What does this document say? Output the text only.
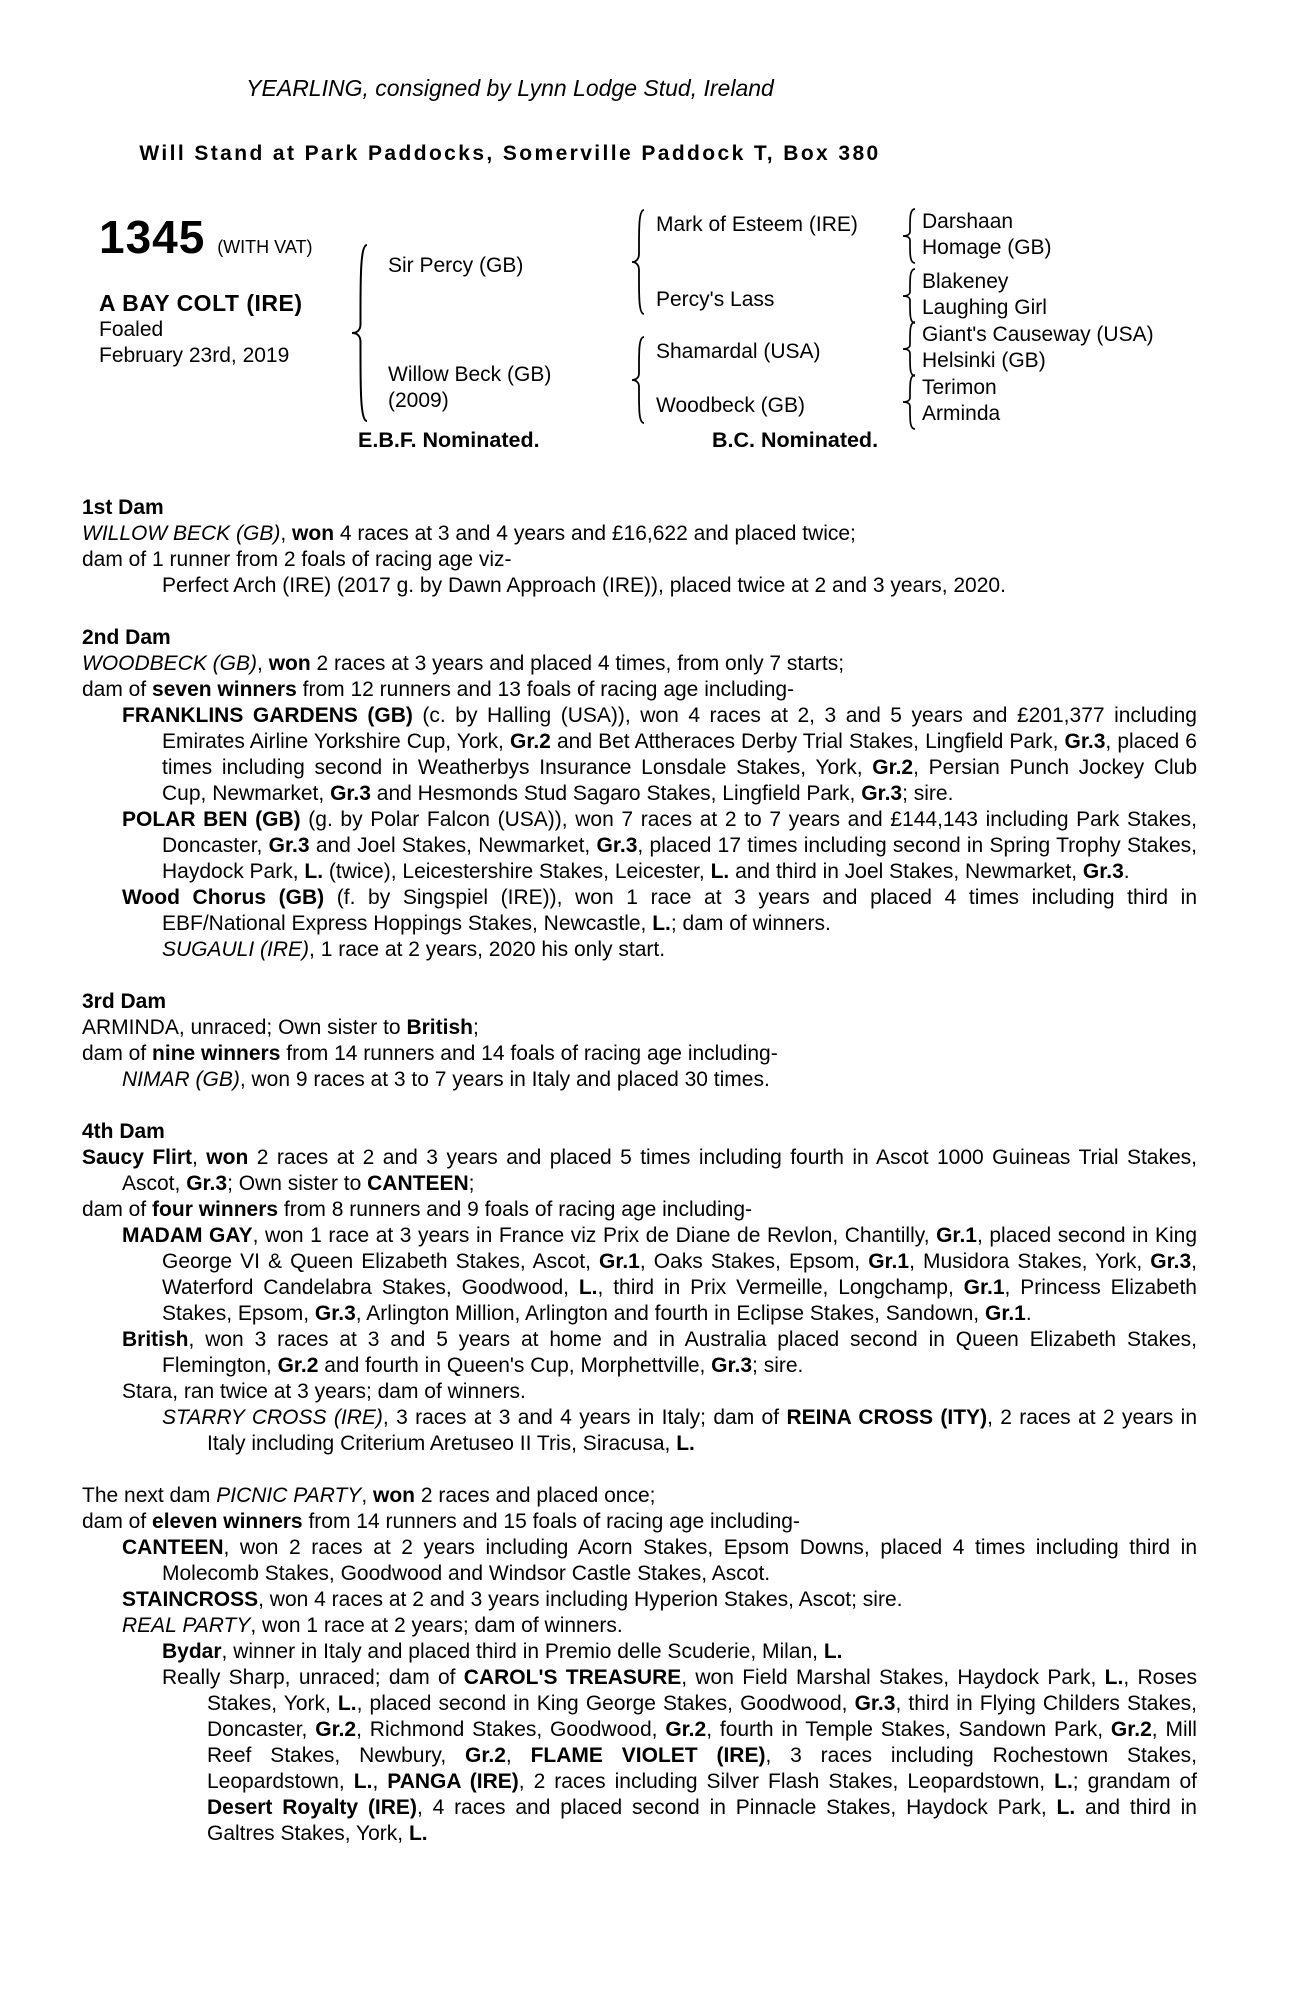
YEARLING, consigned by Lynn Lodge Stud, Ireland
Will Stand at Park Paddocks, Somerville Paddock T, Box 380
1345 (WITH VAT)
A BAY COLT (IRE)
Foaled
February 23rd, 2019
Sir Percy (GB)
Willow Beck (GB)
(2009)
Mark of Esteem (IRE)
Percy's Lass
Shamardal (USA)
Woodbeck (GB)
Darshaan
Homage (GB)
Blakeney
Laughing Girl
Giant's Causeway (USA)
Helsinki (GB)
Terimon
Arminda
E.B.F. Nominated.	B.C. Nominated.
1st Dam

WILLOW BECK (GB), won 4 races at 3 and 4 years and £16,622 and placed twice;

dam of 1 runner from 2 foals of racing age viz-

Perfect Arch (IRE) (2017 g. by Dawn Approach (IRE)), placed twice at 2 and 3 years, 2020.

2nd Dam

WOODBECK (GB), won 2 races at 3 years and placed 4 times, from only 7 starts;

dam of seven winners from 12 runners and 13 foals of racing age including-

FRANKLINS GARDENS (GB) (c. by Halling (USA)), won 4 races at 2, 3 and 5 years and £201,377 including Emirates Airline Yorkshire Cup, York, Gr.2 and Bet Attheraces Derby Trial Stakes, Lingfield Park, Gr.3, placed 6 times including second in Weatherbys Insurance Lonsdale Stakes, York, Gr.2, Persian Punch Jockey Club Cup, Newmarket, Gr.3 and Hesmonds Stud Sagaro Stakes, Lingfield Park, Gr.3; sire.

POLAR BEN (GB) (g. by Polar Falcon (USA)), won 7 races at 2 to 7 years and £144,143 including Park Stakes, Doncaster, Gr.3 and Joel Stakes, Newmarket, Gr.3, placed 17 times including second in Spring Trophy Stakes, Haydock Park, L. (twice), Leicestershire Stakes, Leicester, L. and third in Joel Stakes, Newmarket, Gr.3.

Wood Chorus (GB) (f. by Singspiel (IRE)), won 1 race at 3 years and placed 4 times including third in EBF/National Express Hoppings Stakes, Newcastle, L.; dam of winners.

SUGAULI (IRE), 1 race at 2 years, 2020 his only start.

3rd Dam

ARMINDA, unraced; Own sister to British;

dam of nine winners from 14 runners and 14 foals of racing age including-

NIMAR (GB), won 9 races at 3 to 7 years in Italy and placed 30 times.

4th Dam

Saucy Flirt, won 2 races at 2 and 3 years and placed 5 times including fourth in Ascot 1000 Guineas Trial Stakes, Ascot, Gr.3; Own sister to CANTEEN;

dam of four winners from 8 runners and 9 foals of racing age including-

MADAM GAY, won 1 race at 3 years in France viz Prix de Diane de Revlon, Chantilly, Gr.1, placed second in King George VI & Queen Elizabeth Stakes, Ascot, Gr.1, Oaks Stakes, Epsom, Gr.1, Musidora Stakes, York, Gr.3, Waterford Candelabra Stakes, Goodwood, L., third in Prix Vermeille, Longchamp, Gr.1, Princess Elizabeth Stakes, Epsom, Gr.3, Arlington Million, Arlington and fourth in Eclipse Stakes, Sandown, Gr.1.

British, won 3 races at 3 and 5 years at home and in Australia placed second in Queen Elizabeth Stakes, Flemington, Gr.2 and fourth in Queen's Cup, Morphettville, Gr.3; sire.

Stara, ran twice at 3 years; dam of winners.

STARRY CROSS (IRE), 3 races at 3 and 4 years in Italy; dam of REINA CROSS (ITY), 2 races at 2 years in Italy including Criterium Aretuseo II Tris, Siracusa, L.

The next dam PICNIC PARTY, won 2 races and placed once;

dam of eleven winners from 14 runners and 15 foals of racing age including-

CANTEEN, won 2 races at 2 years including Acorn Stakes, Epsom Downs, placed 4 times including third in Molecomb Stakes, Goodwood and Windsor Castle Stakes, Ascot.

STAINCROSS, won 4 races at 2 and 3 years including Hyperion Stakes, Ascot; sire.

REAL PARTY, won 1 race at 2 years; dam of winners.

Bydar, winner in Italy and placed third in Premio delle Scuderie, Milan, L.

Really Sharp, unraced; dam of CAROL'S TREASURE, won Field Marshal Stakes, Haydock Park, L., Roses Stakes, York, L., placed second in King George Stakes, Goodwood, Gr.3, third in Flying Childers Stakes, Doncaster, Gr.2, Richmond Stakes, Goodwood, Gr.2, fourth in Temple Stakes, Sandown Park, Gr.2, Mill Reef Stakes, Newbury, Gr.2, FLAME VIOLET (IRE), 3 races including Rochestown Stakes, Leopardstown, L., PANGA (IRE), 2 races including Silver Flash Stakes, Leopardstown, L.; grandam of Desert Royalty (IRE), 4 races and placed second in Pinnacle Stakes, Haydock Park, L. and third in Galtres Stakes, York, L.
